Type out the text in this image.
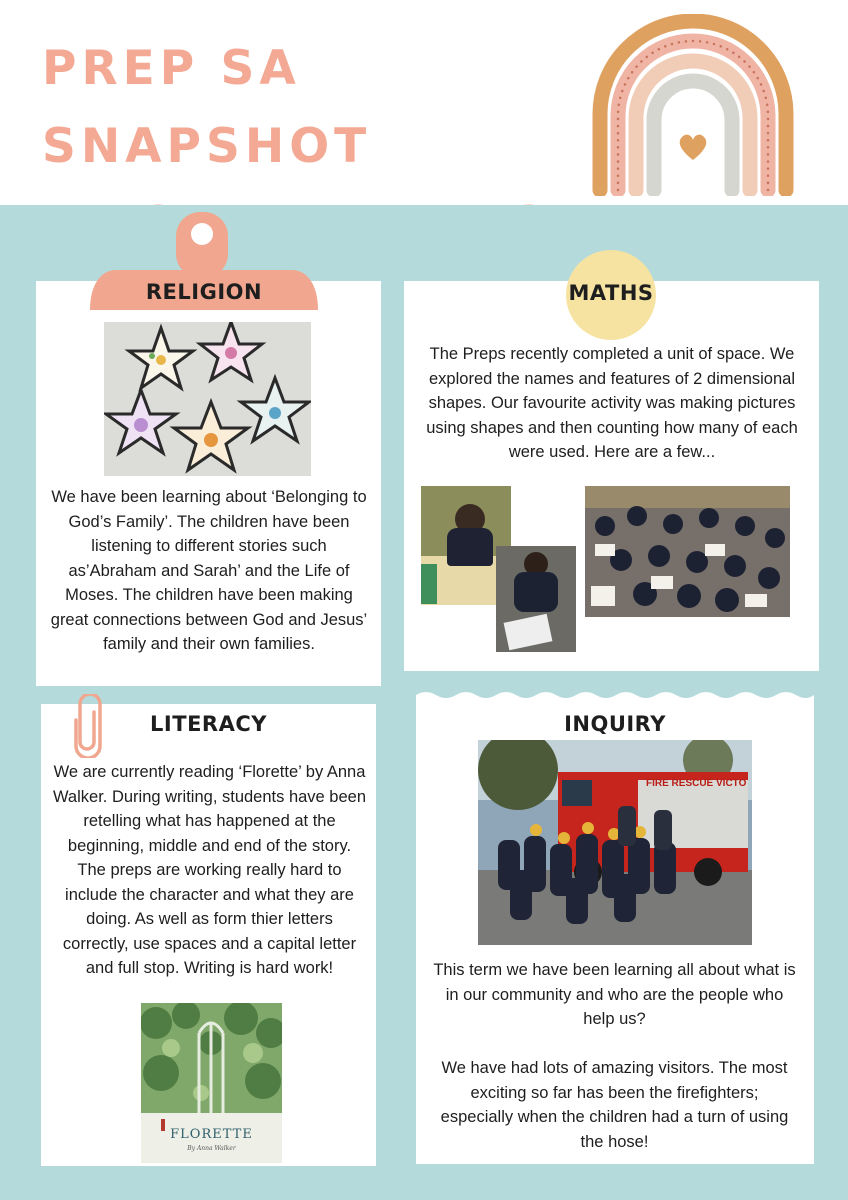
PREP SA SNAPSHOT
RELIGION
We have been learning about ‘Belonging to God’s Family’. The children have been listening to different stories such as’Abraham and Sarah’ and the Life of Moses. The children have been making great connections between God and Jesus’ family and their own families.
MATHS
The Preps recently completed a unit of space. We explored the names and features of 2 dimensional shapes. Our favourite activity was making pictures using shapes and then counting how many of each were used. Here are a few...
LITERACY
We are currently reading ‘Florette’ by Anna Walker. During writing, students have been retelling what has happened at the beginning, middle and end of the story. The preps are working really hard to include the character and what they are doing. As well as form thier letters correctly, use spaces and a capital letter and full stop. Writing is hard work!
FLORETTE
By Anna Walker
INQUIRY
FIRE RESCUE VICTO
This term we have been learning all about what is in our community and who are the people who help us?
We have had lots of amazing visitors. The most exciting so far has been the firefighters; especially when the children had a turn of using the hose!
